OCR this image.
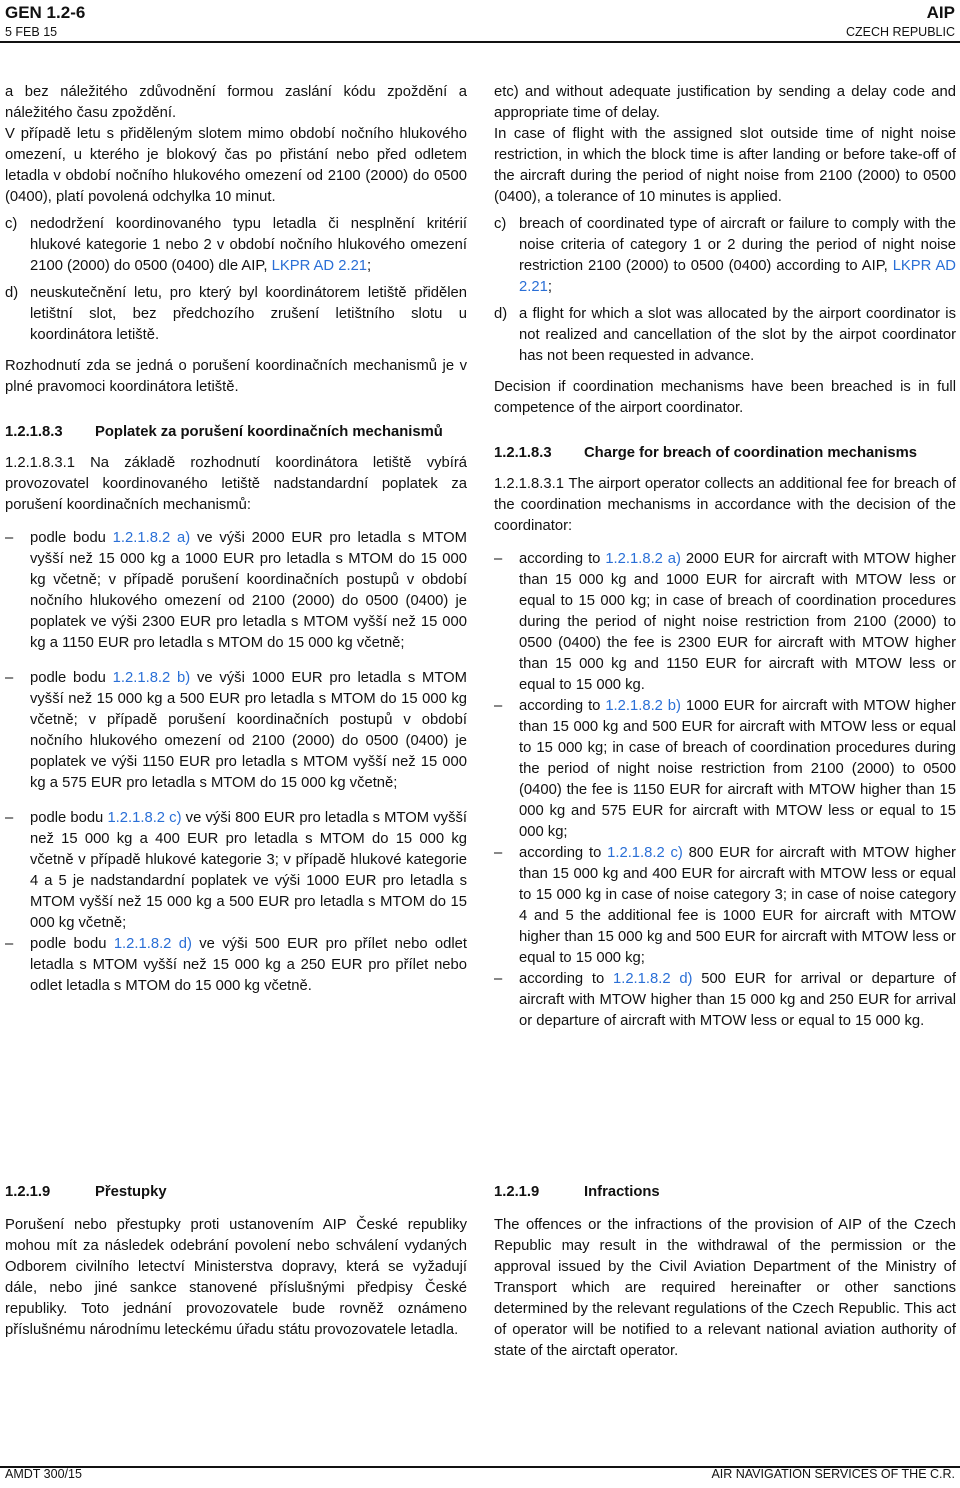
GEN 1.2-6
5 FEB 15
AIP
CZECH REPUBLIC

a bez náležitého zdůvodnění formou zaslání kódu zpoždění a náležitého času zpoždění.

V případě letu s přiděleným slotem mimo období nočního hlukového omezení, u kterého je blokový čas po přistání nebo před odletem letadla v období nočního hlukového omezení od 2100 (2000) do 0500 (0400), platí povolená odchylka 10 minut.

c) nedodržení koordinovaného typu letadla či nesplnění kritérií hlukové kategorie 1 nebo 2 v období nočního hlukového omezení 2100 (2000) do 0500 (0400) dle AIP, LKPR AD 2.21;
d) neuskutečnění letu, pro který byl koordinátorem letiště přidělen letištní slot, bez předchozího zrušení letištního slotu u koordinátora letiště.

Rozhodnutí zda se jedná o porušení koordinačních mechanismů je v plné pravomoci koordinátora letiště.

1.2.1.8.3	Poplatek za porušení koordinačních mechanismů

1.2.1.8.3.1 Na základě rozhodnutí koordinátora letiště vybírá provozovatel koordinovaného letiště nadstandardní poplatek za porušení koordinačních mechanismů:

–	podle bodu 1.2.1.8.2 a) ve výši 2000 EUR pro letadla s MTOM vyšší než 15 000 kg a 1000 EUR pro letadla s MTOM do 15 000 kg včetně; v případě porušení koordinačních postupů v období nočního hlukového omezení od 2100 (2000) do 0500 (0400) je poplatek ve výši 2300 EUR pro letadla s MTOM vyšší než 15 000 kg a 1150 EUR pro letadla s MTOM do 15 000 kg včetně;
–	podle bodu 1.2.1.8.2 b) ve výši 1000 EUR pro letadla s MTOM vyšší než 15 000 kg a 500 EUR pro letadla s MTOM do 15 000 kg včetně; v případě porušení koordinačních postupů v období nočního hlukového omezení od 2100 (2000) do 0500 (0400) je poplatek ve výši 1150 EUR pro letadla s MTOM vyšší než 15 000 kg a 575 EUR pro letadla s MTOM do 15 000 kg včetně;
–	podle bodu 1.2.1.8.2 c) ve výši 800 EUR pro letadla s MTOM vyšší než 15 000 kg a 400 EUR pro letadla s MTOM do 15 000 kg včetně v případě hlukové kategorie 3; v případě hlukové kategorie 4 a 5 je nadstandardní poplatek ve výši 1000 EUR pro letadla s MTOM vyšší než 15 000 kg a 500 EUR pro letadla s MTOM do 15 000 kg včetně;
–	podle bodu 1.2.1.8.2 d) ve výši 500 EUR pro přílet nebo odlet letadla s MTOM vyšší než 15 000 kg a 250 EUR pro přílet nebo odlet letadla s MTOM do 15 000 kg včetně.
1.2.1.9	Přestupky

Porušení nebo přestupky proti ustanovením AIP České republiky mohou mít za následek odebrání povolení nebo schválení vydaných Odborem civilního letectví Ministerstva dopravy, která se vyžadují dále, nebo jiné sankce stanovené příslušnými předpisy České republiky. Toto jednání provozovatele bude rovněž oznámeno příslušnému národnímu leteckému úřadu státu provozovatele letadla.

etc) and without adequate justification by sending a delay code and appropriate time of delay.

In case of flight with the assigned slot outside time of night noise restriction, in which the block time is after landing or before take-off of the aircraft during the period of night noise from 2100 (2000) to 0500 (0400), a tolerance of 10 minutes is applied.

c) breach of coordinated type of aircraft or failure to comply with the noise criteria of category 1 or 2 during the period of night noise restriction 2100 (2000) to 0500 (0400) according to AIP, LKPR AD 2.21;
d) a flight for which a slot was allocated by the airport coordinator is not realized and cancellation of the slot by the airpot coordinator has not been requested in advance.

Decision if coordination mechanisms have been breached is in full competence of the airport coordinator.

1.2.1.8.3	Charge for breach of coordination mechanisms

1.2.1.8.3.1 The airport operator collects an additional fee for breach of the coordination mechanisms in accordance with the decision of the coordinator:

–	according to 1.2.1.8.2 a) 2000 EUR for aircraft with MTOW higher than 15 000 kg and 1000 EUR for aircraft with MTOW less or equal to 15 000 kg; in case of breach of coordination procedures during the period of night noise restriction from 2100 (2000) to 0500 (0400) the fee is 2300 EUR for aircraft with MTOW higher than 15 000 kg and 1150 EUR for aircraft with MTOW less or equal to 15 000 kg.
–	according to 1.2.1.8.2 b) 1000 EUR for aircraft with MTOW higher than 15 000 kg and 500 EUR for aircraft with MTOW less or equal to 15 000 kg; in case of breach of coordination procedures during the period of night noise restriction from 2100 (2000) to 0500 (0400) the fee is 1150 EUR for aircraft with MTOW higher than 15 000 kg and 575 EUR for aircraft with MTOW less or equal to 15 000 kg;
–	according to 1.2.1.8.2 c) 800 EUR for aircraft with MTOW higher than 15 000 kg and 400 EUR for aircraft with MTOW less or equal to 15 000 kg in case of noise category 3; in case of noise category 4 and 5 the additional fee is 1000 EUR for aircraft with MTOW higher than 15 000 kg and 500 EUR for aircraft with MTOW less or equal to 15 000 kg;
–	according to 1.2.1.8.2 d) 500 EUR for arrival or departure of aircraft with MTOW higher than 15 000 kg and 250 EUR for arrival or departure of aircraft with MTOW less or equal to 15 000 kg.
1.2.1.9	Infractions

The offences or the infractions of the provision of AIP of the Czech Republic may result in the withdrawal of the permission or the approval issued by the Civil Aviation Department of the Ministry of Transport which are required hereinafter or other sanctions determined by the relevant regulations of the Czech Republic. This act of operator will be notified to a relevant national aviation authority of state of the airctaft operator.

AMDT 300/15	AIR NAVIGATION SERVICES OF THE C.R.
